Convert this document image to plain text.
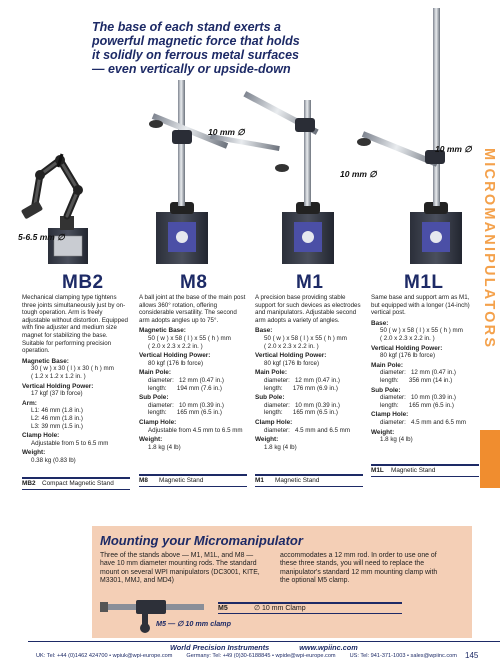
The base of each stand exerts a
powerful magnetic force that holds
it solidly on ferrous metal surfaces
— even vertically or upside-down
MICROMANIPULATORS
5-6.5 mm ∅
10 mm ∅
10 mm ∅
10 mm ∅
MB2	M8	M1	M1L
Mechanical clamping type tightens three joints simultaneously just by on-tough operation. Arm is freely adjustable without distortion. Equipped with fine adjuster and medium size magnet for stabilizing the base. Suitable for performing precision operation.
Magnetic Base:
30 ( w ) x 30 ( l ) x 30 ( h ) mm
( 1.2 x 1.2 x 1.2 in. )
Vertical Holding Power:
17 kgf (37 lb force)
Arm:
L1: 46 mm (1.8 in.)
L2: 46 mm (1.8 in.)
L3: 39 mm (1.5 in.)
Clamp Hole:
Adjustable from 5 to 6.5 mm
Weight:
0.38 kg (0.83 lb)
MB2 Compact Magnetic Stand
A ball joint at the base of the main post allows 360° rotation, offering considerable versatility. The second arm adopts angles up to 75°.
Magnetic Base:
50 ( w ) x 58 ( l ) x 55 ( h ) mm
( 2.0 x 2.3 x 2.2 in. )
Vertical Holding Power:
80 kgf (176 lb force)
Main Pole:
diameter:   12 mm (0.47 in.)
length:      194 mm (7.6 in.)
Sub Pole:
diameter:   10 mm (0.39 in.)
length:      165 mm (6.5 in.)
Clamp Hole:
Adjustable from 4.5 mm to 6.5 mm
Weight:
1.8 kg (4 lb)
M8 Magnetic Stand
A precision base providing stable support for such devices as electrodes and manipulators. Adjustable second arm adopts a variety of angles.
Base:
50 ( w ) x 58 ( l ) x 55 ( h ) mm
( 2.0 x 2.3 x 2.2 in. )
Vertical Holding Power:
80 kgf (176 lb force)
Main Pole:
diameter:   12 mm (0.47 in.)
length:      176 mm (6.9 in.)
Sub Pole:
diameter:   10 mm (0.39 in.)
length:      165 mm (6.5 in.)
Clamp Hole:
diameter:   4.5 mm and 6.5 mm
Weight:
1.8 kg (4 lb)
M1 Magnetic Stand
Same base and support arm as M1, but equipped with a longer (14-inch) vertical post.
Base:
50 ( w ) x 58 ( l ) x 55 ( h ) mm
( 2.0 x 2.3 x 2.2 in. )
Vertical Holding Power:
80 kgf (176 lb force)
Main Pole:
diameter:   12 mm (0.47 in.)
length:      356 mm (14 in.)
Sub Pole:
diameter:   10 mm (0.39 in.)
length:      165 mm (6.5 in.)
Clamp Hole:
diameter:   4.5 mm and 6.5 mm
Weight:
1.8 kg (4 lb)
M1L Magnetic Stand
Mounting your Micromanipulator
Three of the stands above — M1, M1L, and M8 — have 10 mm diameter mounting rods. The standard mount on several WPI manipulators (DC3001, KITE, M3301, MMJ, and MD4)
accommodates a 12 mm rod. In order to use one of these three stands, you will need to replace the manipulator's standard 12 mm mounting clamp with the optional M5 clamp.
M5	∅ 10 mm Clamp
M5 — ∅ 10 mm clamp
World Precision Instruments	www.wpiinc.com
UK: Tel: +44 (0)1462 424700 • wpiuk@wpi-europe.com	Germany: Tel: +49 (0)30-6188845 • wpide@wpi-europe.com	US: Tel: 941-371-1003 • sales@wpiinc.com	145
